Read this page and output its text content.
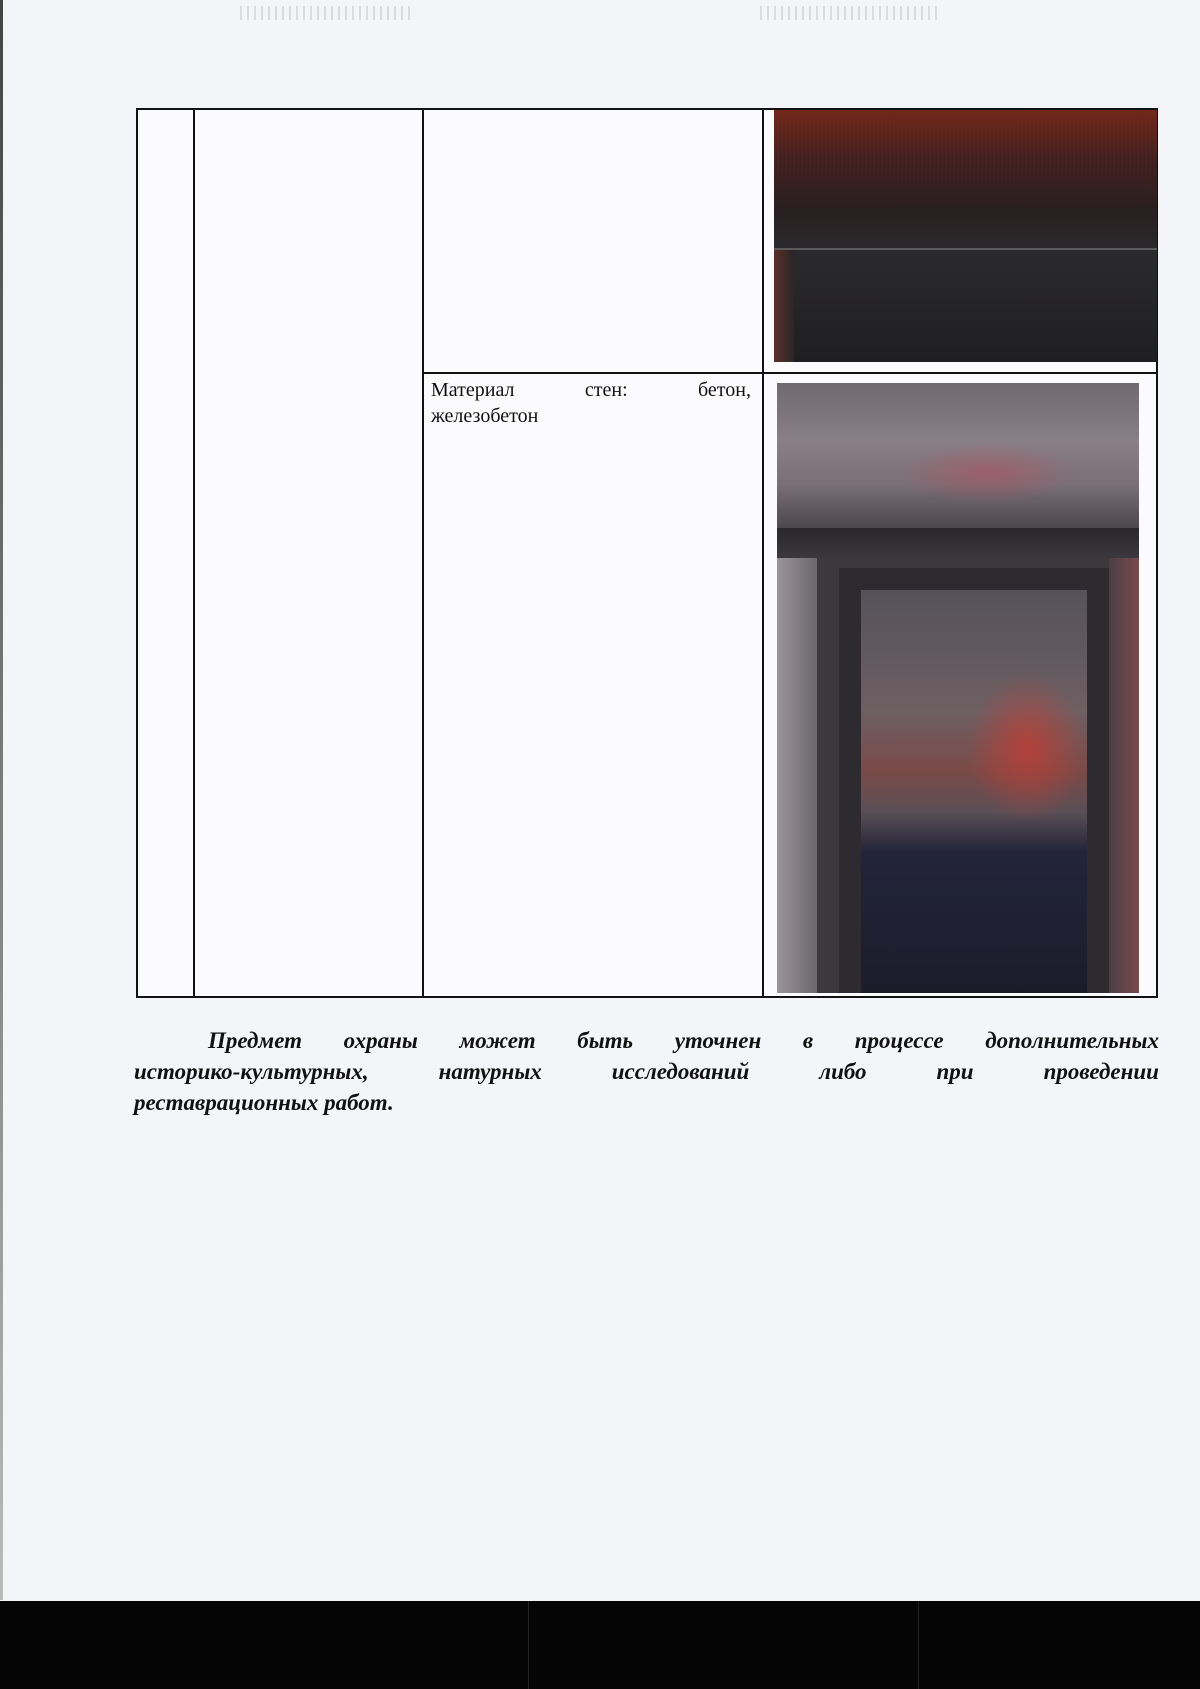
Материал	стен:	бетон,
железобетон
Предмет охраны может быть уточнен в процессе дополнительных
историко-культурных,	натурных	исследований	либо	при	проведении
реставрационных работ.
